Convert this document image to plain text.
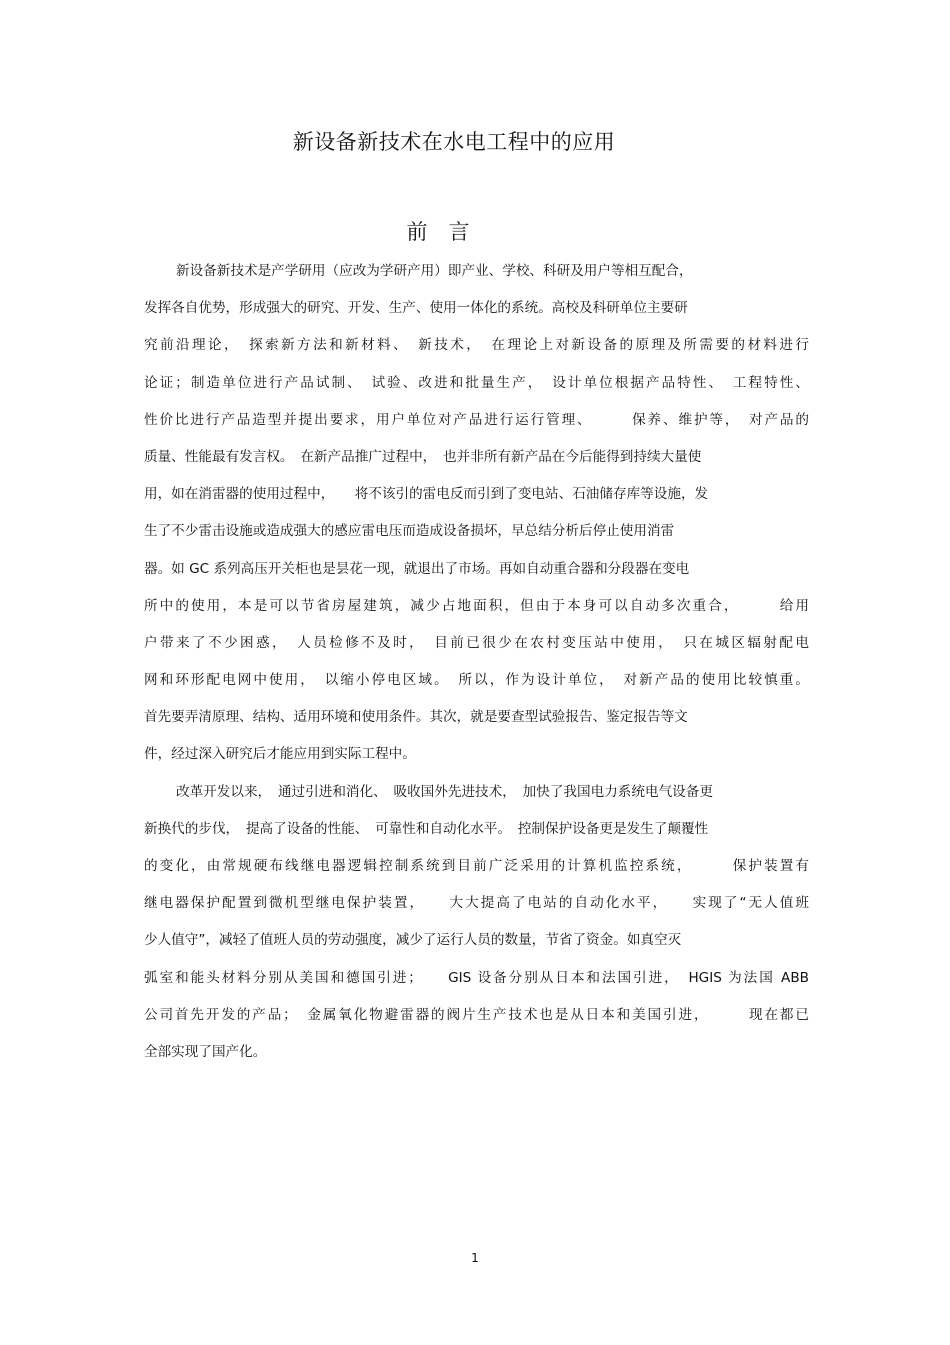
新设备新技术在水电工程中的应用
前　言
新设备新技术是产学研用（应改为学研产用）即产业、学校、科研及用户等相互配合，
发挥各自优势，形成强大的研究、开发、生产、使用一体化的系统。高校及科研单位主要研
究前沿理论，　探索新方法和新材料、　新技术，　在理论上对新设备的原理及所需要的材料进行
论证；制造单位进行产品试制、　试验、改进和批量生产，　设计单位根据产品特性、　工程特性、
性价比进行产品造型并提出要求，用户单位对产品进行运行管理、　　　保养、维护等，　对产品的
质量、性能最有发言权。　在新产品推广过程中，　也并非所有新产品在今后能得到持续大量使
用，如在消雷器的使用过程中，　　将不该引的雷电反而引到了变电站、石油储存库等设施，发
生了不少雷击设施或造成强大的感应雷电压而造成设备损坏，早总结分析后停止使用消雷
器。如 GC 系列高压开关柜也是昙花一现，就退出了市场。再如自动重合器和分段器在变电
所中的使用，本是可以节省房屋建筑，减少占地面积，但由于本身可以自动多次重合，　　　给用
户带来了不少困惑，　人员检修不及时，　目前已很少在农村变压站中使用，　只在城区辐射配电
网和环形配电网中使用，　以缩小停电区域。　所以，作为设计单位，　对新产品的使用比较慎重。
首先要弄清原理、结构、适用环境和使用条件。其次，就是要查型试验报告、鉴定报告等文
件，经过深入研究后才能应用到实际工程中。
改革开发以来，　通过引进和消化、　吸收国外先进技术，　加快了我国电力系统电气设备更
新换代的步伐，　提高了设备的性能、　可靠性和自动化水平。　控制保护设备更是发生了颠覆性
的变化，由常规硬布线继电器逻辑控制系统到目前广泛采用的计算机监控系统，　　　保护装置有
继电器保护配置到微机型继电保护装置，　　大大提高了电站的自动化水平，　　实现了“无人值班
少人值守”，减轻了值班人员的劳动强度，减少了运行人员的数量，节省了资金。如真空灭
弧室和能头材料分别从美国和德国引进；　　GIS 设备分别从日本和法国引进，　HGIS 为法国 ABB
公司首先开发的产品；　金属氧化物避雷器的阀片生产技术也是从日本和美国引进，　　　现在都已
全部实现了国产化。
1
